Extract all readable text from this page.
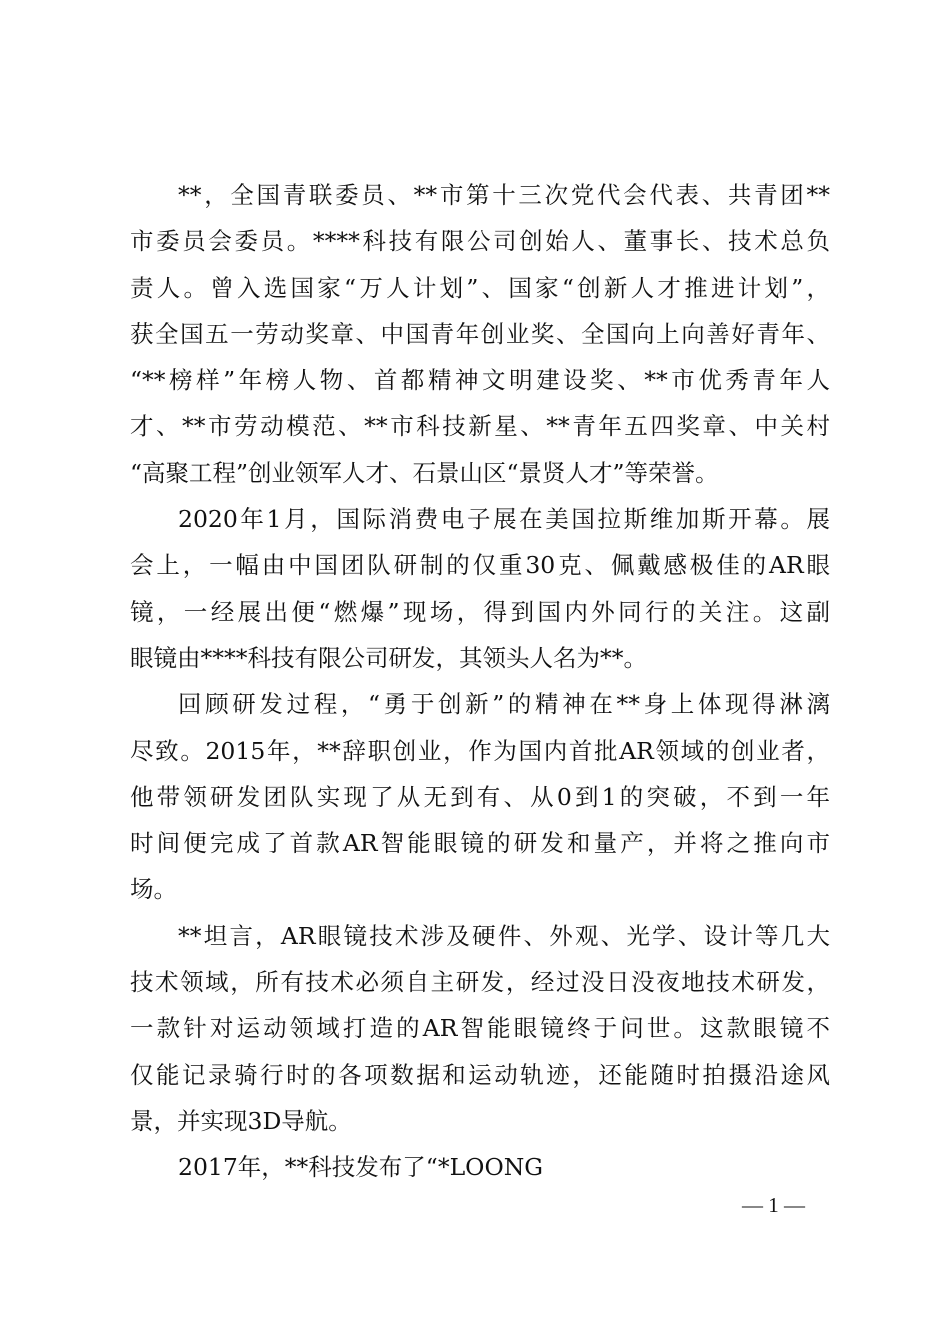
**，全国青联委员、**市第十三次党代会代表、共青团**
市委员会委员。****科技有限公司创始人、董事长、技术总负
责人。曾入选国家“万人计划”、国家“创新人才推进计划”，
获全国五一劳动奖章、中国青年创业奖、全国向上向善好青年、
“**榜样”年榜人物、首都精神文明建设奖、**市优秀青年人
才、**市劳动模范、**市科技新星、**青年五四奖章、中关村
“高聚工程”创业领军人才、石景山区“景贤人才”等荣誉。
2020年1月，国际消费电子展在美国拉斯维加斯开幕。展
会上，一幅由中国团队研制的仅重30克、佩戴感极佳的AR眼
镜，一经展出便“燃爆”现场，得到国内外同行的关注。这副
眼镜由****科技有限公司研发，其领头人名为**。
回顾研发过程，“勇于创新”的精神在**身上体现得淋漓
尽致。2015年，**辞职创业，作为国内首批AR领域的创业者，
他带领研发团队实现了从无到有、从0到1的突破，不到一年
时间便完成了首款AR智能眼镜的研发和量产，并将之推向市
场。
**坦言，AR眼镜技术涉及硬件、外观、光学、设计等几大
技术领域，所有技术必须自主研发，经过没日没夜地技术研发，
一款针对运动领域打造的AR智能眼镜终于问世。这款眼镜不
仅能记录骑行时的各项数据和运动轨迹，还能随时拍摄沿途风
景，并实现3D导航。
2017年，**科技发布了“*LOONG
— 1 —
